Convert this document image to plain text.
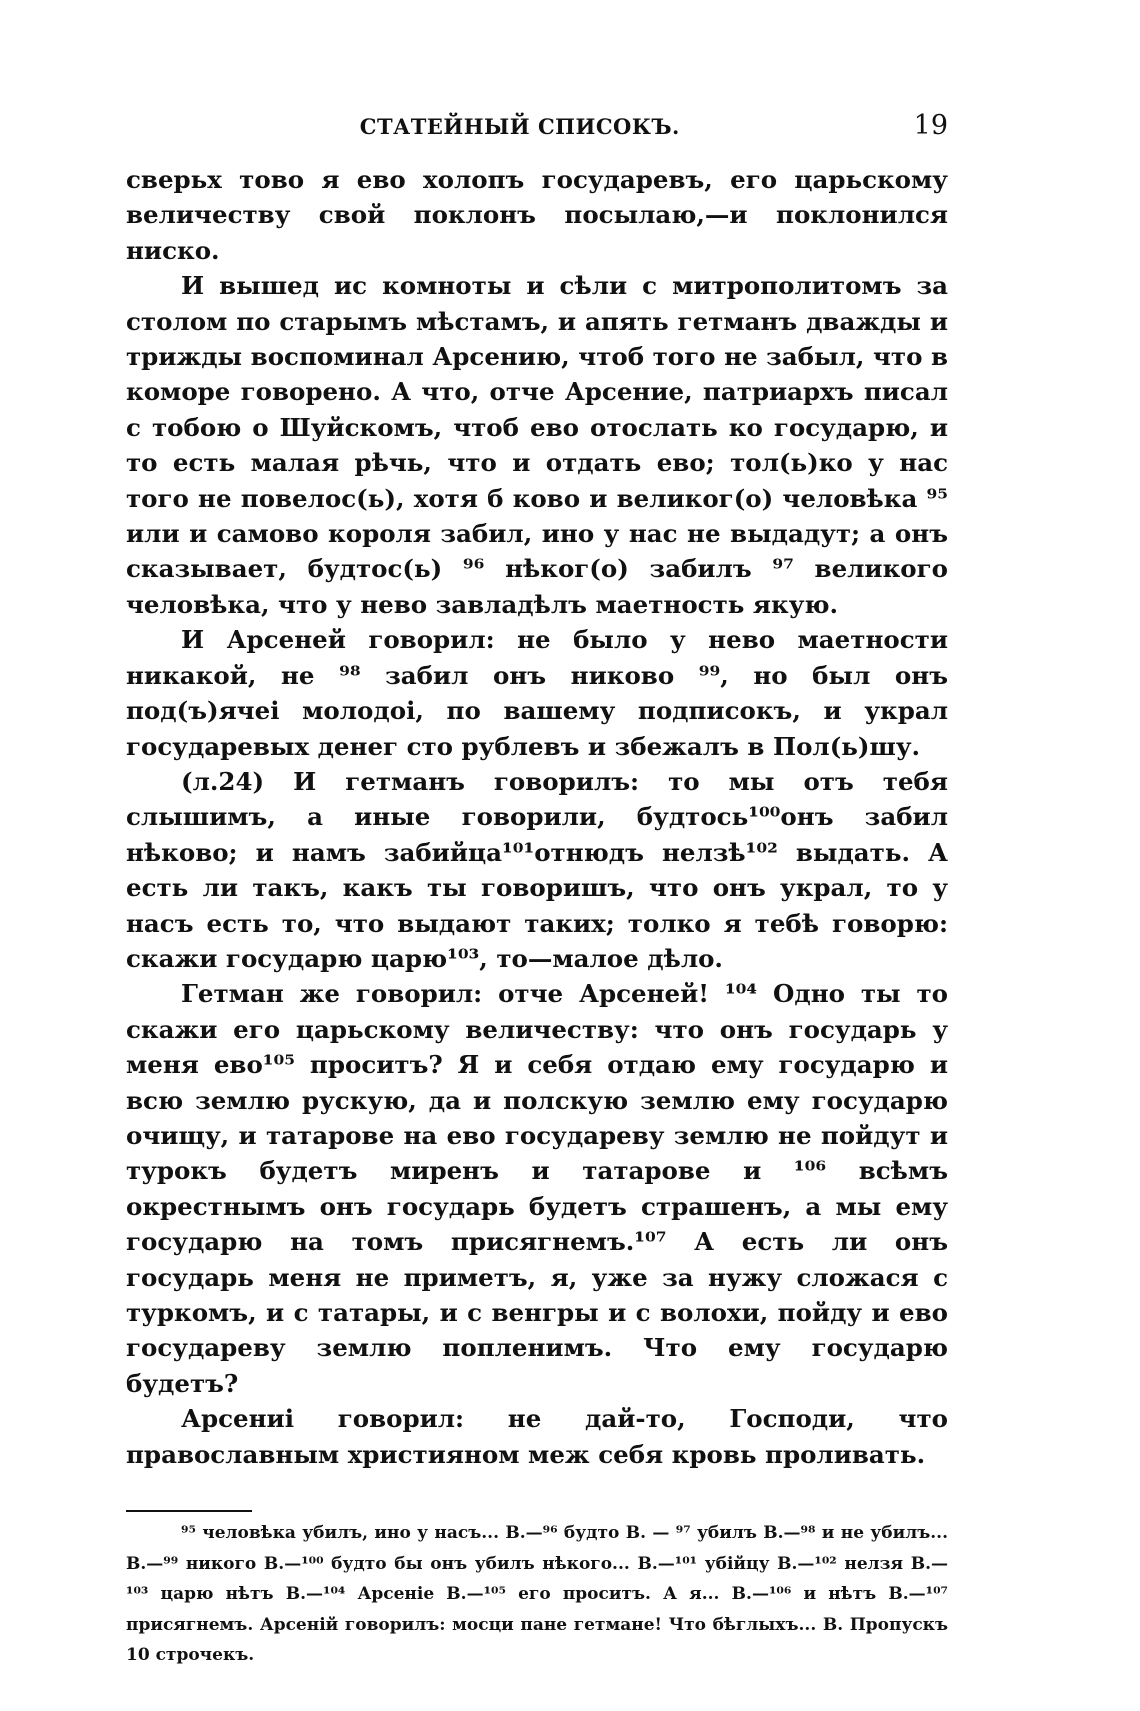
СТАТЕЙНЫЙ СПИСОКЪ.	19

сверьх тово я ево холопъ государевъ, его царьскому величеству свой поклонъ посылаю,—и поклонился ниско.

И вышед ис комноты и сѣли с митрополитомъ за столом по старымъ мѣстамъ, и апять гетманъ дважды и трижды воспоминал Арсению, чтоб того не забыл, что в коморе говорено. А что, отче Арсение, патриархъ писал с тобою о Шуйскомъ, чтоб ево отослать ко государю, и то есть малая рѣчь, что и отдать ево; тол(ь)ко у нас того не повелос(ь), хотя б ково и великог(о) человѣка ⁹⁵ или и самово короля забил, ино у нас не выдадут; а онъ сказывает, будтос(ь) ⁹⁶ нѣког(о) забилъ ⁹⁷ великого человѣка, что у нево завладѣлъ маетность якую.

И Арсеней говорил: не было у нево маетности никакой, не ⁹⁸ забил онъ никово ⁹⁹, но был онъ под(ъ)ячеі молодоі, по вашему подписокъ, и украл государевых денег сто рублевъ и збежалъ в Пол(ь)шу.

(л.24) И гетманъ говорилъ: то мы отъ тебя слышимъ, а иные говорили, будтось¹⁰⁰онъ забил нѣково; и намъ забийца¹⁰¹отнюдъ нелзѣ¹⁰² выдать. А есть ли такъ, какъ ты говоришъ, что онъ украл, то у насъ есть то, что выдают таких; толко я тебѣ говорю: скажи государю царю¹⁰³, то—малое дѣло.

Гетман же говорил: отче Арсеней! ¹⁰⁴ Одно ты то скажи его царьскому величеству: что онъ государь у меня ево¹⁰⁵ проситъ? Я и себя отдаю ему государю и всю землю рускую, да и полскую землю ему государю очищу, и татарове на ево государеву землю не пойдут и турокъ будетъ миренъ и татарове и ¹⁰⁶ всѣмъ окрестнымъ онъ государь будетъ страшенъ, а мы ему государю на томъ присягнемъ.¹⁰⁷ А есть ли онъ государь меня не приметъ, я, уже за нужу сложася с туркомъ, и с татары, и с венгры и с волохи, пойду и ево государеву землю попленимъ. Что ему государю будетъ?

Арсениі говорил: не дай-то, Господи, что православным християном меж себя кровь проливать.

⁹⁵ человѣка убилъ, ино у насъ... В.—⁹⁶ будто В. — ⁹⁷ убилъ В.—⁹⁸ и не убилъ... В.—⁹⁹ никого В.—¹⁰⁰ будто бы онъ убилъ нѣкого... В.—¹⁰¹ убійцу В.—¹⁰² нелзя В.— ¹⁰³ царю нѣтъ В.—¹⁰⁴ Арсеніе В.—¹⁰⁵ его проситъ. А я... В.—¹⁰⁶ и нѣтъ В.—¹⁰⁷ присягнемъ. Арсеній говорилъ: мосци пане гетмане! Что бѣглыхъ... В. Пропускъ 10 строчекъ.
